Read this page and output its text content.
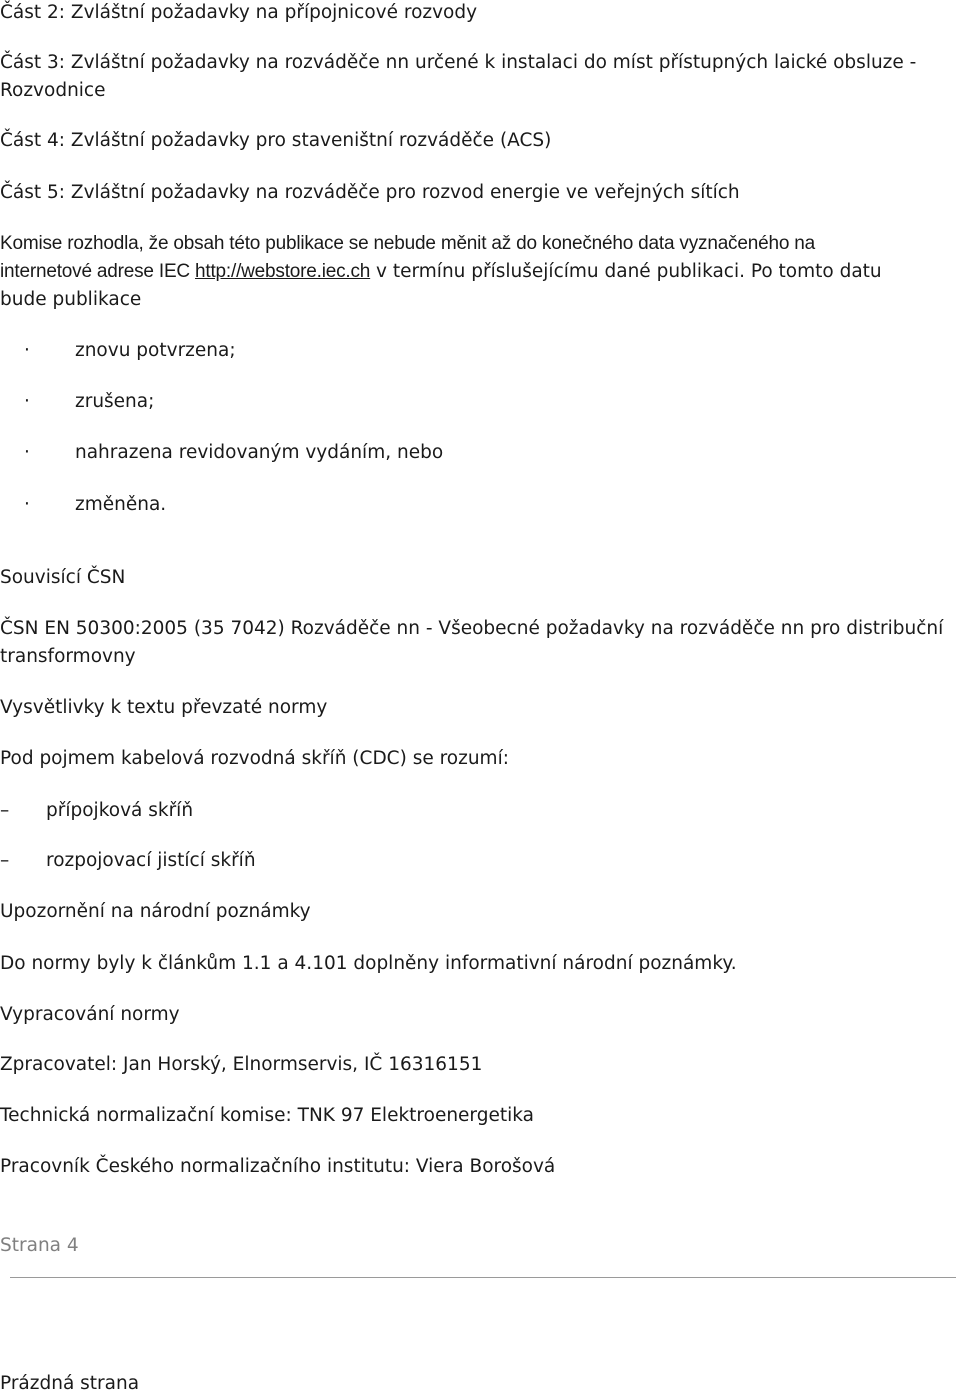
Část 2: Zvláštní požadavky na přípojnicové rozvody
Část 3: Zvláštní požadavky na rozváděče nn určené k instalaci do míst přístupných laické obsluze -
Rozvodnice
Část 4: Zvláštní požadavky pro staveništní rozváděče (ACS)
Část 5: Zvláštní požadavky na rozváděče pro rozvod energie ve veřejných sítích
Komise rozhodla, že obsah této publikace se nebude měnit až do konečného data vyznačeného na
internetové adrese IEC http://webstore.iec.ch v termínu příslušejícímu dané publikaci. Po tomto datu
bude publikace
· znovu potvrzena;
· zrušena;
· nahrazena revidovaným vydáním, nebo
· změněna.
Souvisící ČSN
ČSN EN 50300:2005 (35 7042) Rozváděče nn - Všeobecné požadavky na rozváděče nn pro distribuční
transformovny
Vysvětlivky k textu převzaté normy
Pod pojmem kabelová rozvodná skříň (CDC) se rozumí:
– přípojková skříň
– rozpojovací jistící skříň
Upozornění na národní poznámky
Do normy byly k článkům 1.1 a 4.101 doplněny informativní národní poznámky.
Vypracování normy
Zpracovatel: Jan Horský, Elnormservis, IČ 16316151
Technická normalizační komise: TNK 97 Elektroenergetika
Pracovník Českého normalizačního institutu: Viera Borošová
Strana 4
Prázdná strana
